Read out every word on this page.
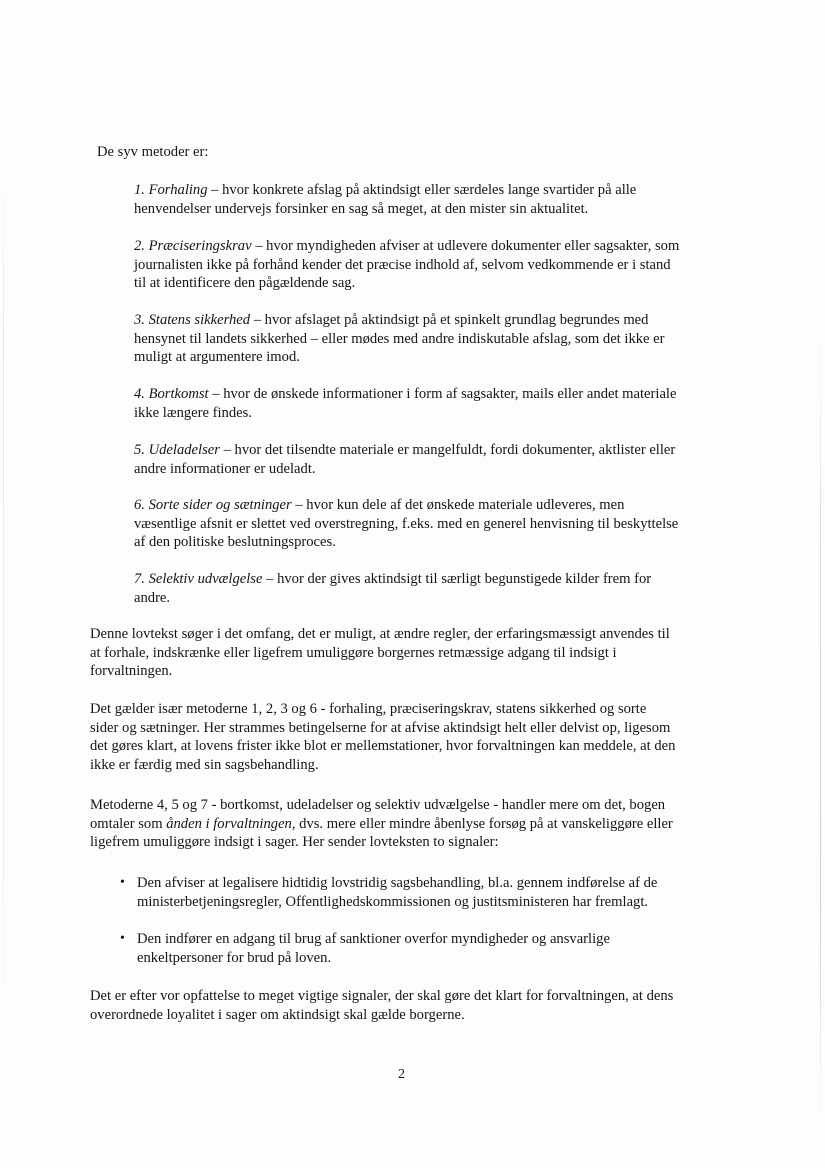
De syv metoder er:

1. Forhaling – hvor konkrete afslag på aktindsigt eller særdeles lange svartider på alle
henvendelser undervejs forsinker en sag så meget, at den mister sin aktualitet.

2. Præciseringskrav – hvor myndigheden afviser at udlevere dokumenter eller sagsakter, som
journalisten ikke på forhånd kender det præcise indhold af, selvom vedkommende er i stand
til at identificere den pågældende sag.

3. Statens sikkerhed – hvor afslaget på aktindsigt på et spinkelt grundlag begrundes med
hensynet til landets sikkerhed – eller mødes med andre indiskutable afslag, som det ikke er
muligt at argumentere imod.

4. Bortkomst – hvor de ønskede informationer i form af sagsakter, mails eller andet materiale
ikke længere findes.

5. Udeladelser – hvor det tilsendte materiale er mangelfuldt, fordi dokumenter, aktlister eller
andre informationer er udeladt.

6. Sorte sider og sætninger – hvor kun dele af det ønskede materiale udleveres, men
væsentlige afsnit er slettet ved overstregning, f.eks. med en generel henvisning til beskyttelse
af den politiske beslutningsproces.

7. Selektiv udvælgelse – hvor der gives aktindsigt til særligt begunstigede kilder frem for
andre.

Denne lovtekst søger i det omfang, det er muligt, at ændre regler, der erfaringsmæssigt anvendes til
at forhale, indskrænke eller ligefrem umuliggøre borgernes retmæssige adgang til indsigt i
forvaltningen.

Det gælder især metoderne 1, 2, 3 og 6 - forhaling, præciseringskrav, statens sikkerhed og sorte
sider og sætninger. Her strammes betingelserne for at afvise aktindsigt helt eller delvist op, ligesom
det gøres klart, at lovens frister ikke blot er mellemstationer, hvor forvaltningen kan meddele, at den
ikke er færdig med sin sagsbehandling.

Metoderne 4, 5 og 7 - bortkomst, udeladelser og selektiv udvælgelse - handler mere om det, bogen
omtaler som ånden i forvaltningen, dvs. mere eller mindre åbenlyse forsøg på at vanskeliggøre eller
ligefrem umuliggøre indsigt i sager. Her sender lovteksten to signaler:

• Den afviser at legalisere hidtidig lovstridig sagsbehandling, bl.a. gennem indførelse af de
ministerbetjeningsregler, Offentlighedskommissionen og justitsministeren har fremlagt.
• Den indfører en adgang til brug af sanktioner overfor myndigheder og ansvarlige
enkeltpersoner for brud på loven.

Det er efter vor opfattelse to meget vigtige signaler, der skal gøre det klart for forvaltningen, at dens
overordnede loyalitet i sager om aktindsigt skal gælde borgerne.

2
